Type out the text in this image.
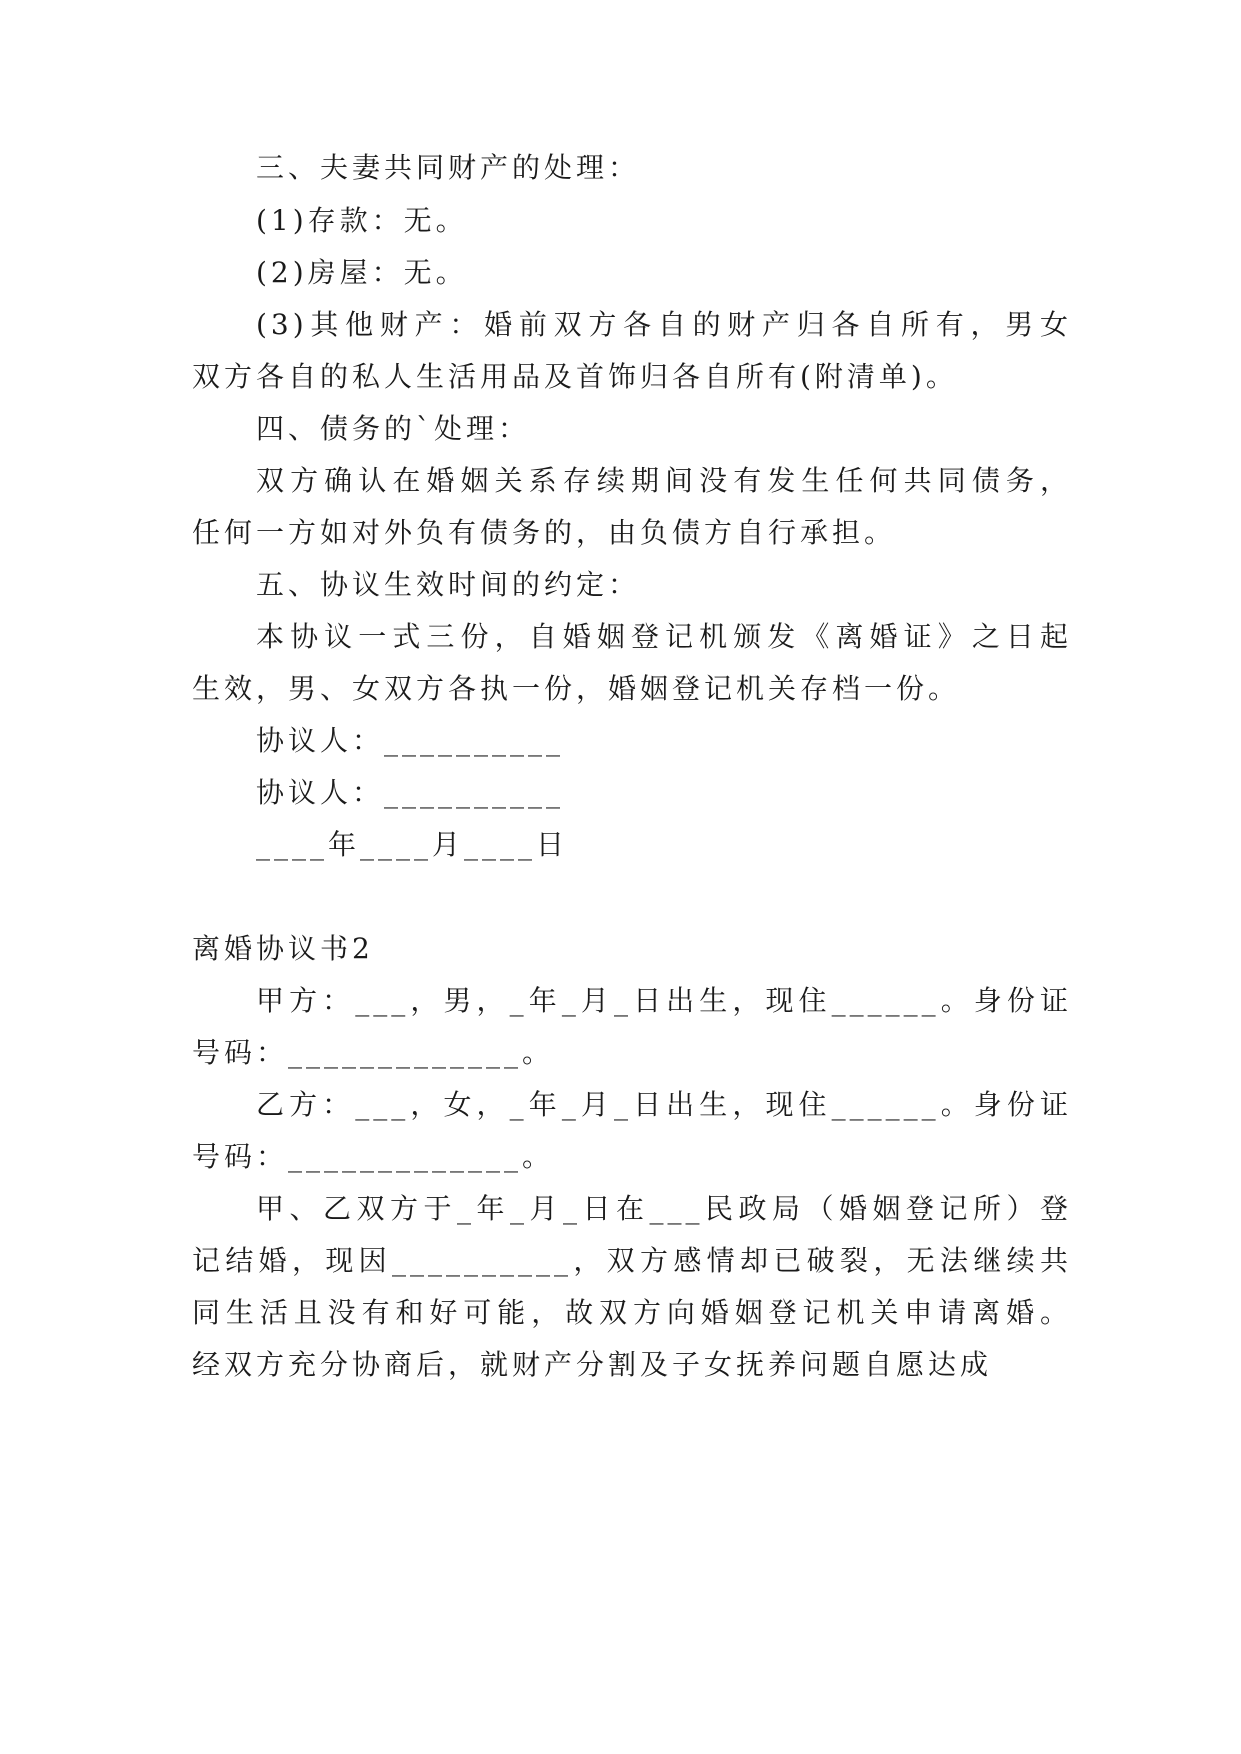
三、夫妻共同财产的处理：
(1)存款：无。
(2)房屋：无。
(3)其他财产：婚前双方各自的财产归各自所有，男女
双方各自的私人生活用品及首饰归各自所有(附清单)。
四、债务的`处理：
双方确认在婚姻关系存续期间没有发生任何共同债务，
任何一方如对外负有债务的，由负债方自行承担。
五、协议生效时间的约定：
本协议一式三份，自婚姻登记机颁发《离婚证》之日起
生效，男、女双方各执一份，婚姻登记机关存档一份。
协议人：__________
协议人：__________
____年____月____日
离婚协议书2
甲方：___，男，_年_月_日出生，现住______。身份证
号码：_____________。
乙方：___，女，_年_月_日出生，现住______。身份证
号码：_____________。
甲、乙双方于_年_月_日在___民政局（婚姻登记所）登
记结婚，现因__________，双方感情却已破裂，无法继续共
同生活且没有和好可能，故双方向婚姻登记机关申请离婚。
经双方充分协商后，就财产分割及子女抚养问题自愿达成
